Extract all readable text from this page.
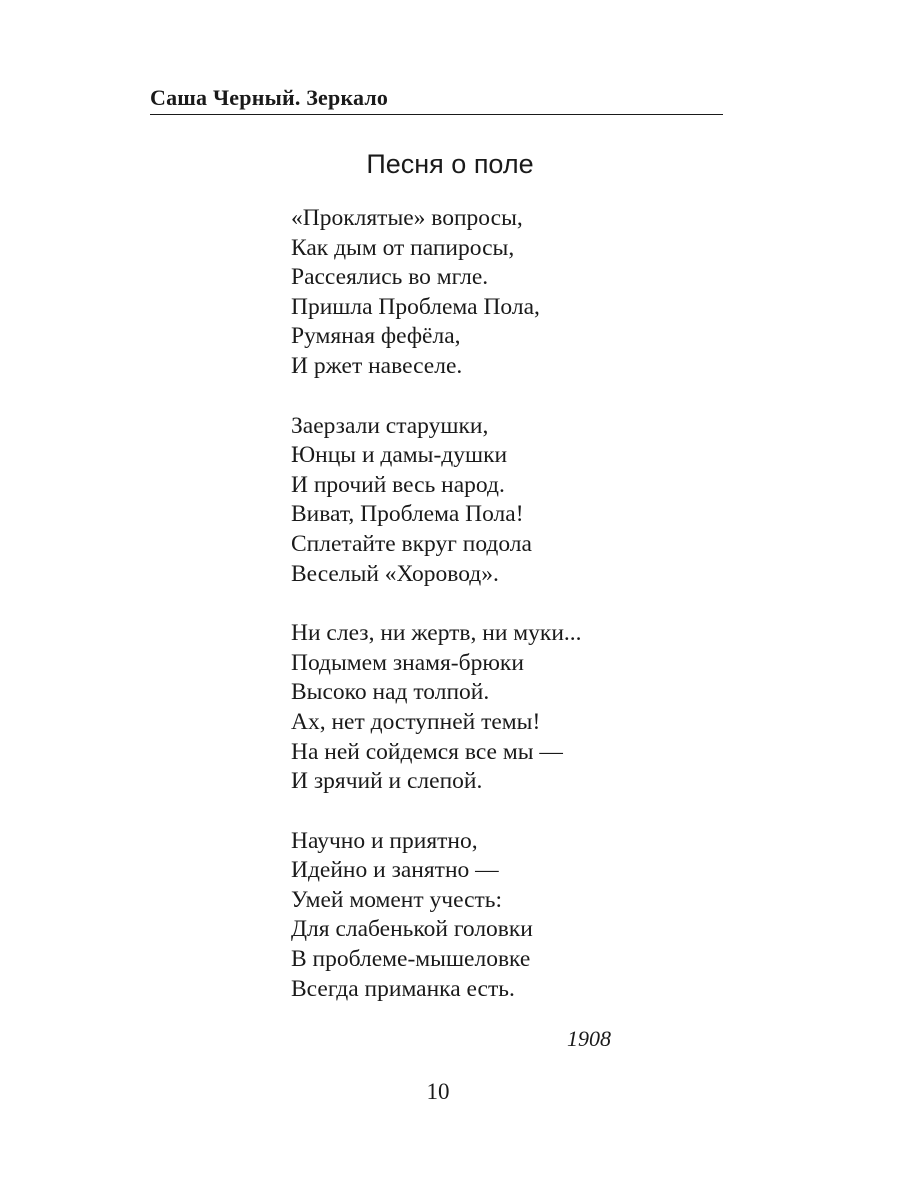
Саша Черный. Зеркало
Песня о поле
«Проклятые» вопросы,
Как дым от папиросы,
Рассеялись во мгле.
Пришла Проблема Пола,
Румяная фефёла,
И ржет навеселе.
Заерзали старушки,
Юнцы и дамы-душки
И прочий весь народ.
Виват, Проблема Пола!
Сплетайте вкруг подола
Веселый «Хоровод».
Ни слез, ни жертв, ни муки...
Подымем знамя-брюки
Высоко над толпой.
Ах, нет доступней темы!
На ней сойдемся все мы —
И зрячий и слепой.
Научно и приятно,
Идейно и занятно —
Умей момент учесть:
Для слабенькой головки
В проблеме-мышеловке
Всегда приманка есть.
1908
10
